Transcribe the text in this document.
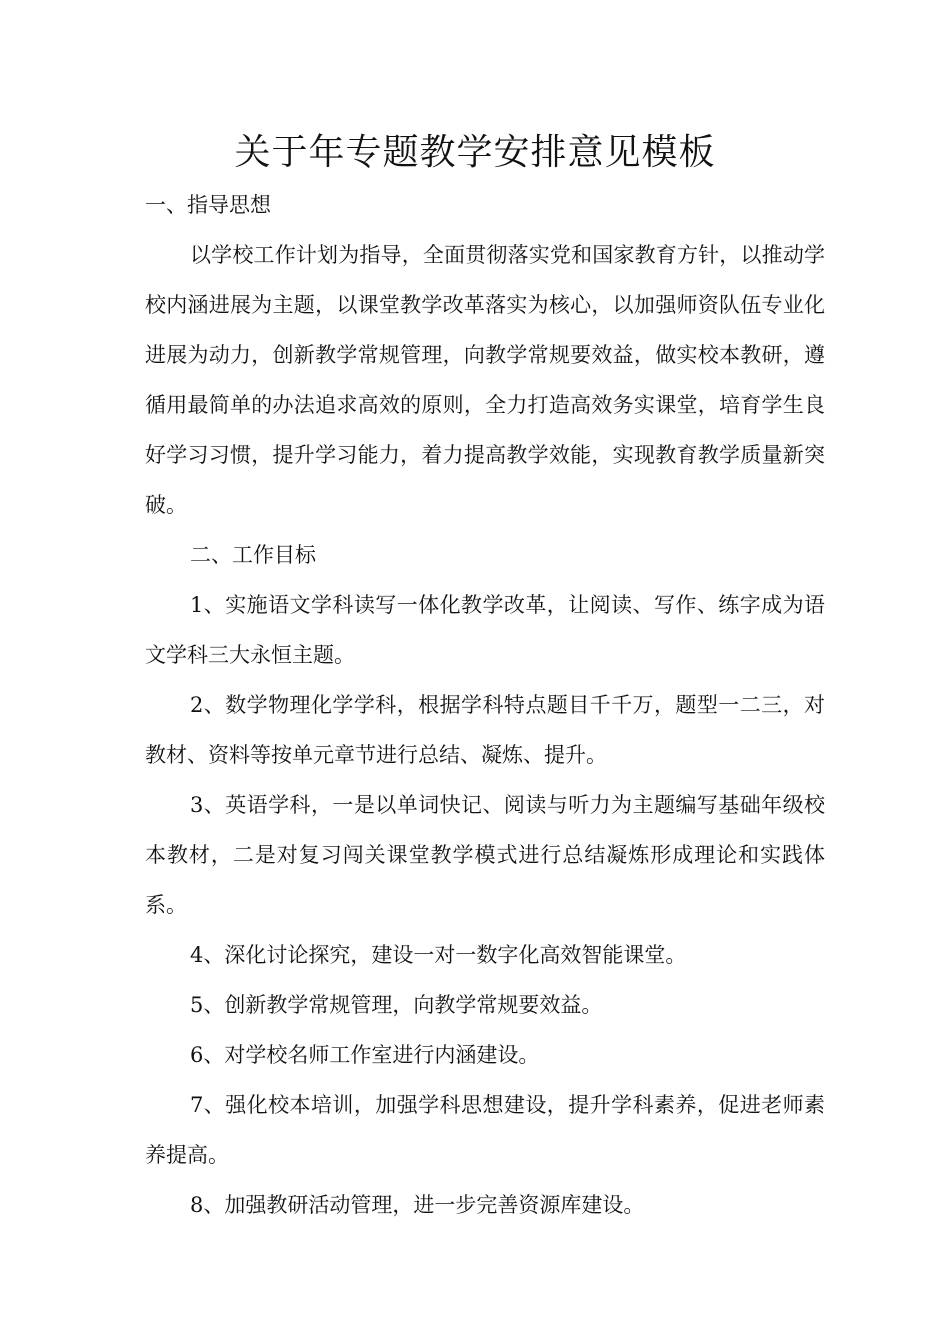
关于年专题教学安排意见模板

一、指导思想

以学校工作计划为指导，全面贯彻落实党和国家教育方针，以推动学校内涵进展为主题，以课堂教学改革落实为核心，以加强师资队伍专业化进展为动力，创新教学常规管理，向教学常规要效益，做实校本教研，遵循用最简单的办法追求高效的原则，全力打造高效务实课堂，培育学生良好学习习惯，提升学习能力，着力提高教学效能，实现教育教学质量新突破。

二、工作目标

1、实施语文学科读写一体化教学改革，让阅读、写作、练字成为语文学科三大永恒主题。

2、数学物理化学学科，根据学科特点题目千千万，题型一二三，对教材、资料等按单元章节进行总结、凝炼、提升。

3、英语学科，一是以单词快记、阅读与听力为主题编写基础年级校本教材，二是对复习闯关课堂教学模式进行总结凝炼形成理论和实践体系。

4、深化讨论探究，建设一对一数字化高效智能课堂。

5、创新教学常规管理，向教学常规要效益。

6、对学校名师工作室进行内涵建设。

7、强化校本培训，加强学科思想建设，提升学科素养，促进老师素养提高。

8、加强教研活动管理，进一步完善资源库建设。
